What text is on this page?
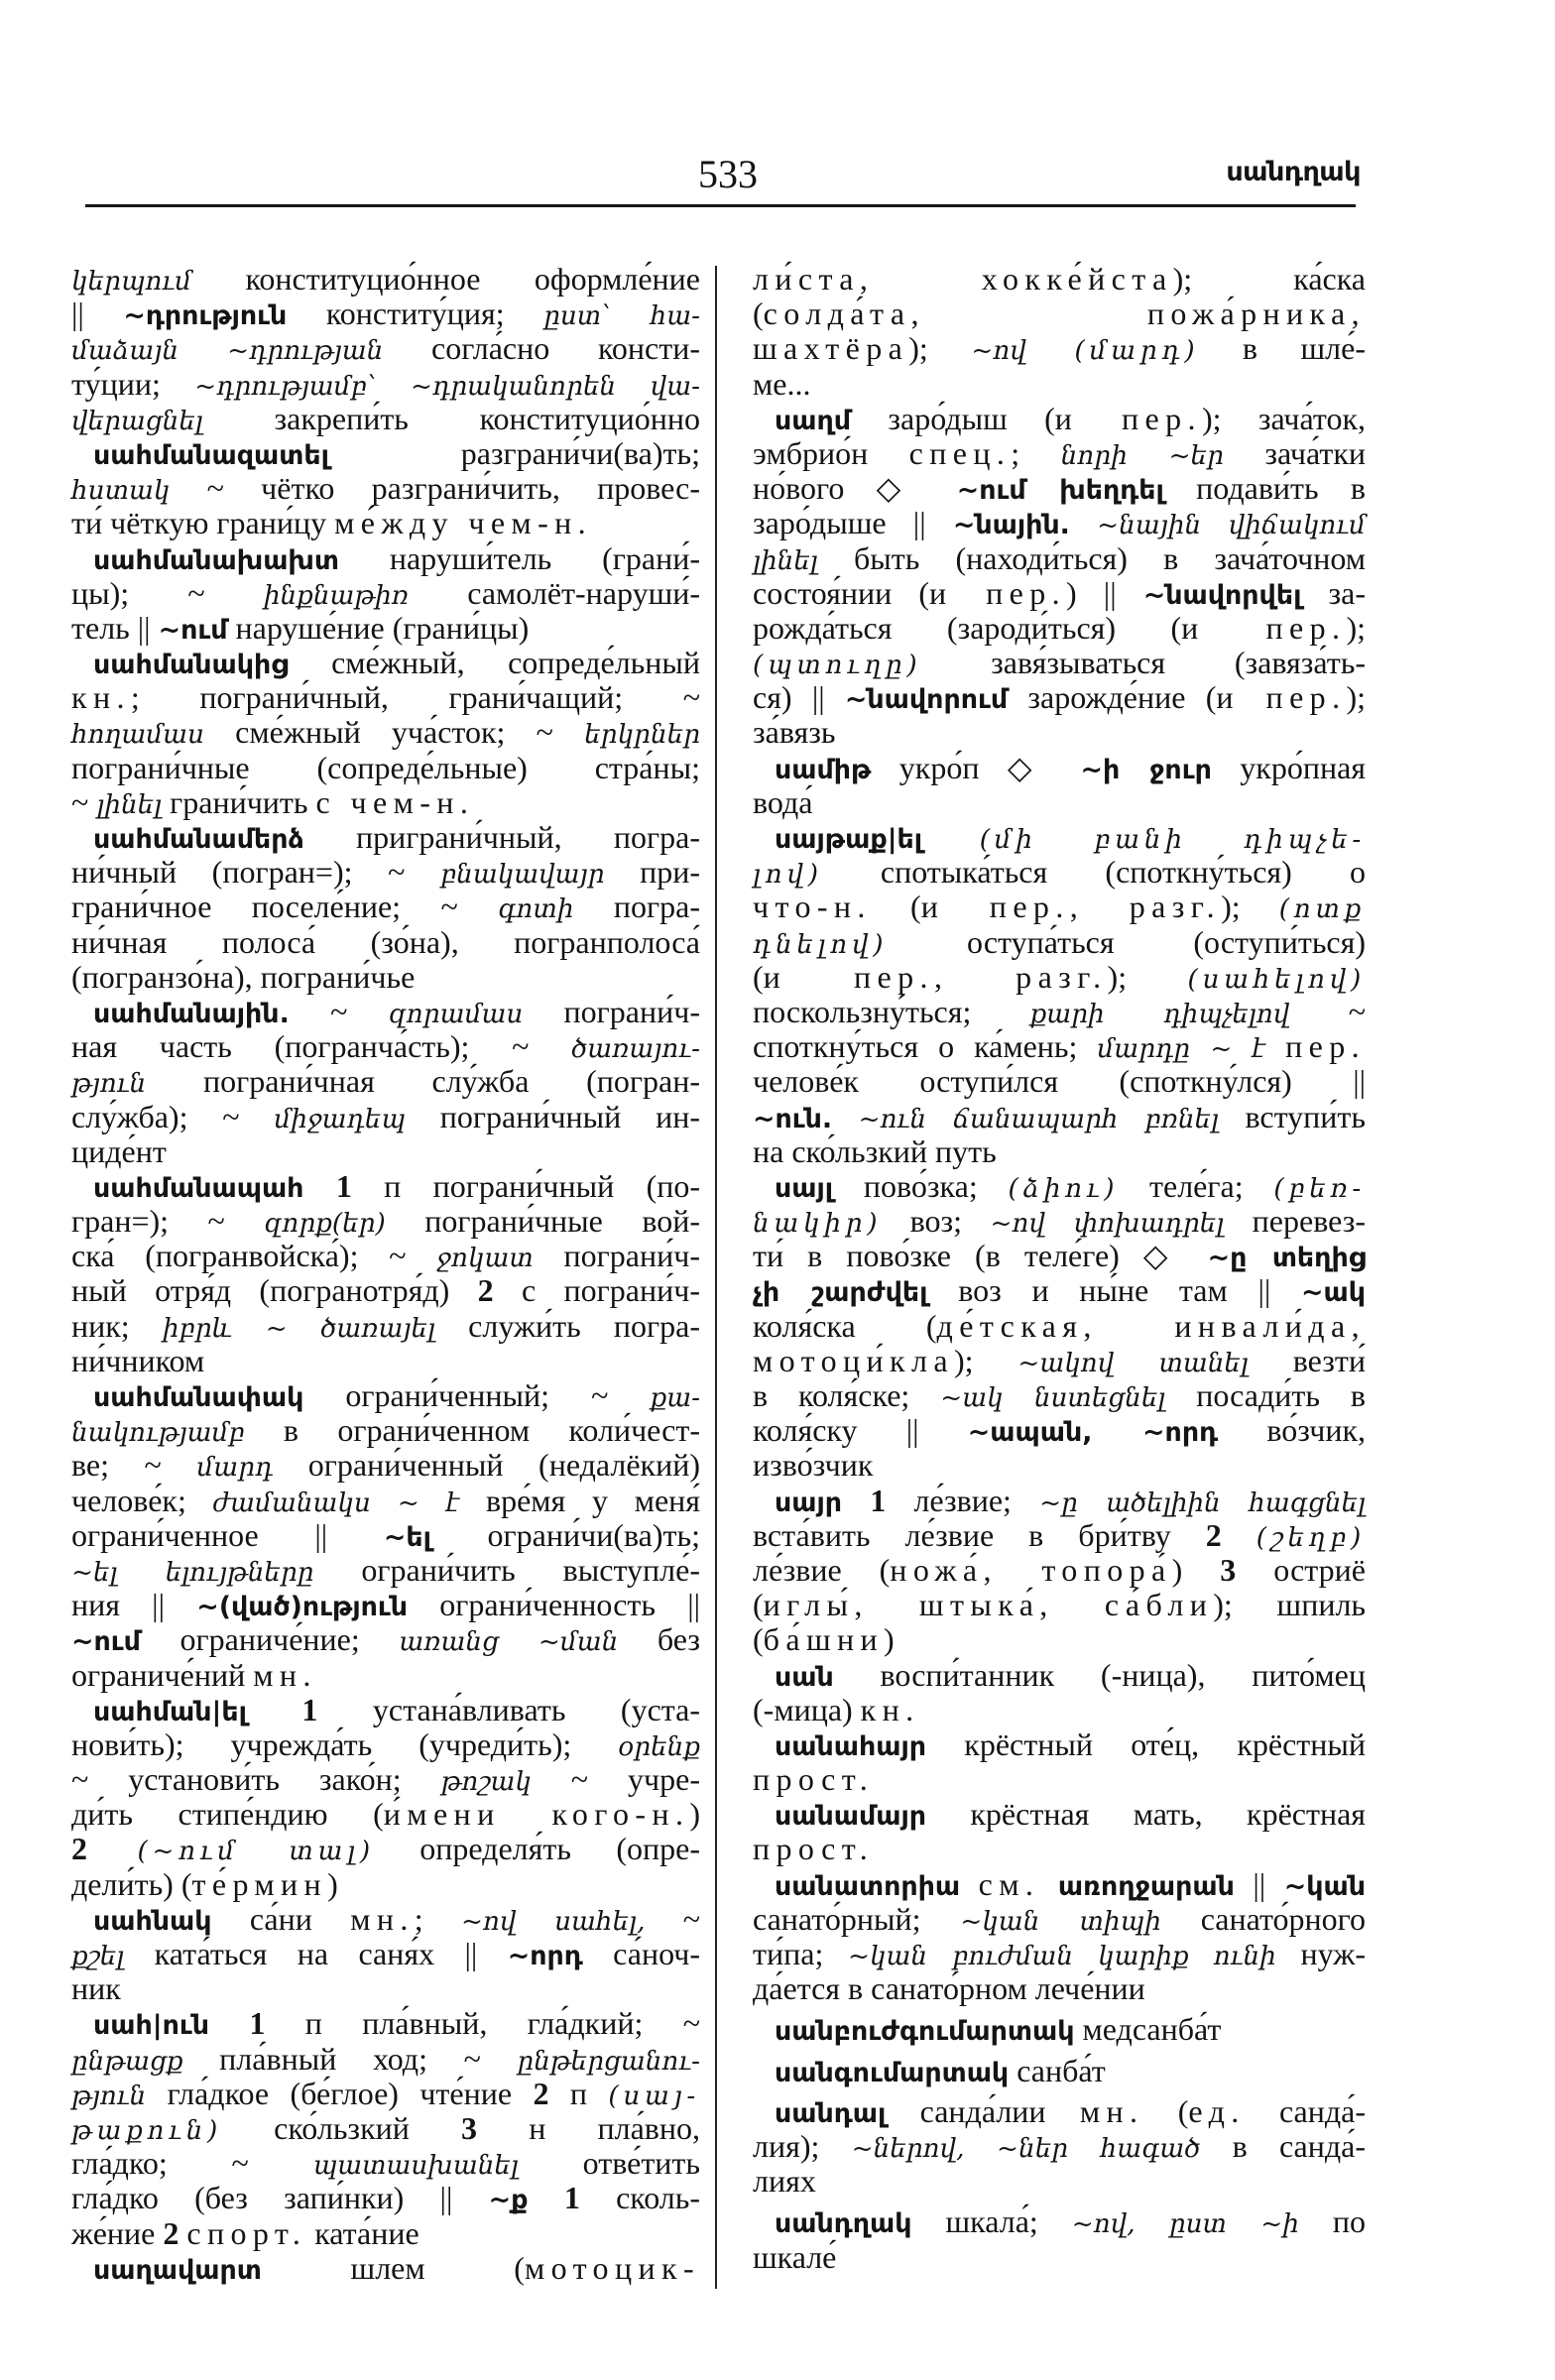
533	սանդղակ
կերպում конституцио́нное оформле́ние
|| ~դրություն конститу́ция; ըստ՝ հա-
մաձայն ~դրության согла́сно консти-
ту́ции; ~դրությամբ՝ ~դրականորեն վա-
վերացնել закрепи́ть конституцио́нно
սահմանազատել разграни́чи(ва)ть;
հստակ ~ чётко разграни́чить, провес-
ти́ чёткую грани́цу ме́жду чем-н.
սահմանախախտ наруши́тель (грани́-
цы); ~ ինքնաթիռ самолёт-наруши́-
тель || ~ում наруше́ние (грани́цы)
սահմանակից сме́жный, сопреде́льный
кн.; пограни́чный, грани́чащий; ~
հողամաս сме́жный уча́сток; ~ երկրներ
пограни́чные (сопреде́льные) стра́ны;
~ լինել грани́чить с чем-н.
սահմանամերձ приграни́чный, погра-
ни́чный (погран=); ~ բնակավայր при-
грани́чное поселе́ние; ~ գոտի погра-
ни́чная полоса́ (зо́на), погранполоса́
(погранзо́на), пограни́чье
սահմանային. ~ զորամաս пограни́ч-
ная часть (погранча́сть); ~ ծառայու-
թյուն пограни́чная слу́жба (погран-
слу́жба); ~ միջադեպ пограни́чный ин-
циде́нт
սահմանապահ 1 п пограни́чный (по-
гран=); ~ զորք(եր) пограни́чные вой-
ска́ (погранвойска́); ~ ջոկատ пограни́ч-
ный отря́д (погранотря́д) 2 с пограни́ч-
ник; իբրև ~ ծառայել служи́ть погра-
ни́чником
սահմանափակ ограни́ченный; ~ քա-
նակությամբ в ограни́ченном коли́чест-
ве; ~ մարդ ограни́ченный (недалёкий)
челове́к; ժամանակս ~ է вре́мя у меня́
ограни́ченное || ~ել ограни́чи(ва)ть;
~ել ելույթները ограни́чить выступле́-
ния || ~(ված)ություն ограни́ченность ||
~ում ограниче́ние; առանց ~ման без
ограниче́ний мн.
սահման|ել 1 устана́вливать (уста-
нови́ть); учрежда́ть (учреди́ть); օրենք
~ установи́ть зако́н; թոշակ ~ учре-
ди́ть стипе́ндию (и́мени кого-н.)
2 (~ում տալ) определя́ть (опре-
дели́ть) (те́рмин)
սահնակ са́ни мн.; ~ով սահել, ~
քշել ката́ться на саня́х || ~որդ са́ноч-
ник
սահ|ուն 1 п пла́вный, гла́дкий; ~
ընթացք пла́вный ход; ~ ընթերցանու-
թյուն гла́дкое (бе́глое) чте́ние 2 п (սայ-
թաքուն) ско́льзкий 3 н пла́вно,
гла́дко; ~ պատասխանել отве́тить
гла́дко (без запи́нки) || ~ք 1 сколь-
же́ние 2 спорт. ката́ние
սաղավարտ шлем (мотоцик-
ли́ста, хокке́йста); ка́ска
(солда́та, пожа́рника,
шахтёра); ~ով (մարդ) в шле́-
ме...
սաղմ заро́дыш (и пер.); зача́ток,
эмбрио́н спец.; նորի ~եր зача́тки
но́вого ◇ ~ում խեղդել подави́ть в
заро́дыше || ~նային. ~նային վիճակում
լինել быть (находи́ться) в зача́точном
состоя́нии (и пер.) || ~նավորվել за-
рожда́ться (зароди́ться) (и пер.);
(պտուղը) завя́зываться (завяза́ть-
ся) || ~նավորում зарожде́ние (и пер.);
за́вязь
սամիթ укро́п ◇ ~ի ջուր укро́пная
вода́
սայթաք|ել (մի բանի դիպչե-
լով) спотыка́ться (споткну́ться) о
что-н. (и пер., разг.); (ոտք
դնելով) оступа́ться (оступи́ться)
(и пер., разг.); (սահելով)
поскользну́ться; քարի դիպչելով ~
споткну́ться о ка́мень; մարդը ~ է пер.
челове́к оступи́лся (споткну́лся) ||
~ուն. ~ուն ճանապարհ բռնել вступи́ть
на ско́льзкий путь
սայլ пово́зка; (ձիու) теле́га; (բեռ-
նակիր) воз; ~ով փոխադրել перевез-
ти́ в пово́зке (в теле́ге) ◇ ~ը տեղից
չի շարժվել воз и ны́не там || ~ակ
коля́ска (де́тская, инвали́да,
мотоци́кла); ~ակով տանել везти́
в коля́ске; ~ակ նստեցնել посади́ть в
коля́ску || ~ապան, ~որդ во́зчик,
изво́зчик
սայր 1 ле́звие; ~ը ածելիին հագցնել
вста́вить ле́звие в бри́тву 2 (շեղբ)
ле́звие (ножа́, топора́) 3 остриё
(иглы́, штыка́, са́бли); шпиль
(ба́шни)
սան воспи́танник (-ница), пито́мец
(-мица) кн.
սանահայր крёстный оте́ц, крёстный
прост.
սանամայր крёстная мать, крёстная
прост.
սանատորիա см. առողջարան || ~կան
санато́рный; ~կան տիպի санато́рного
ти́па; ~կան բուժման կարիք ունի нуж-
да́ется в санато́рном лече́нии
սանբուժգումարտակ медсанба́т
սանգումարտակ санба́т
սանդալ санда́лии мн. (ед. санда́-
лия); ~ներով, ~ներ հագած в санда́-
лиях
սանդղակ шкала́; ~ով, ըստ ~ի по
шкале́
